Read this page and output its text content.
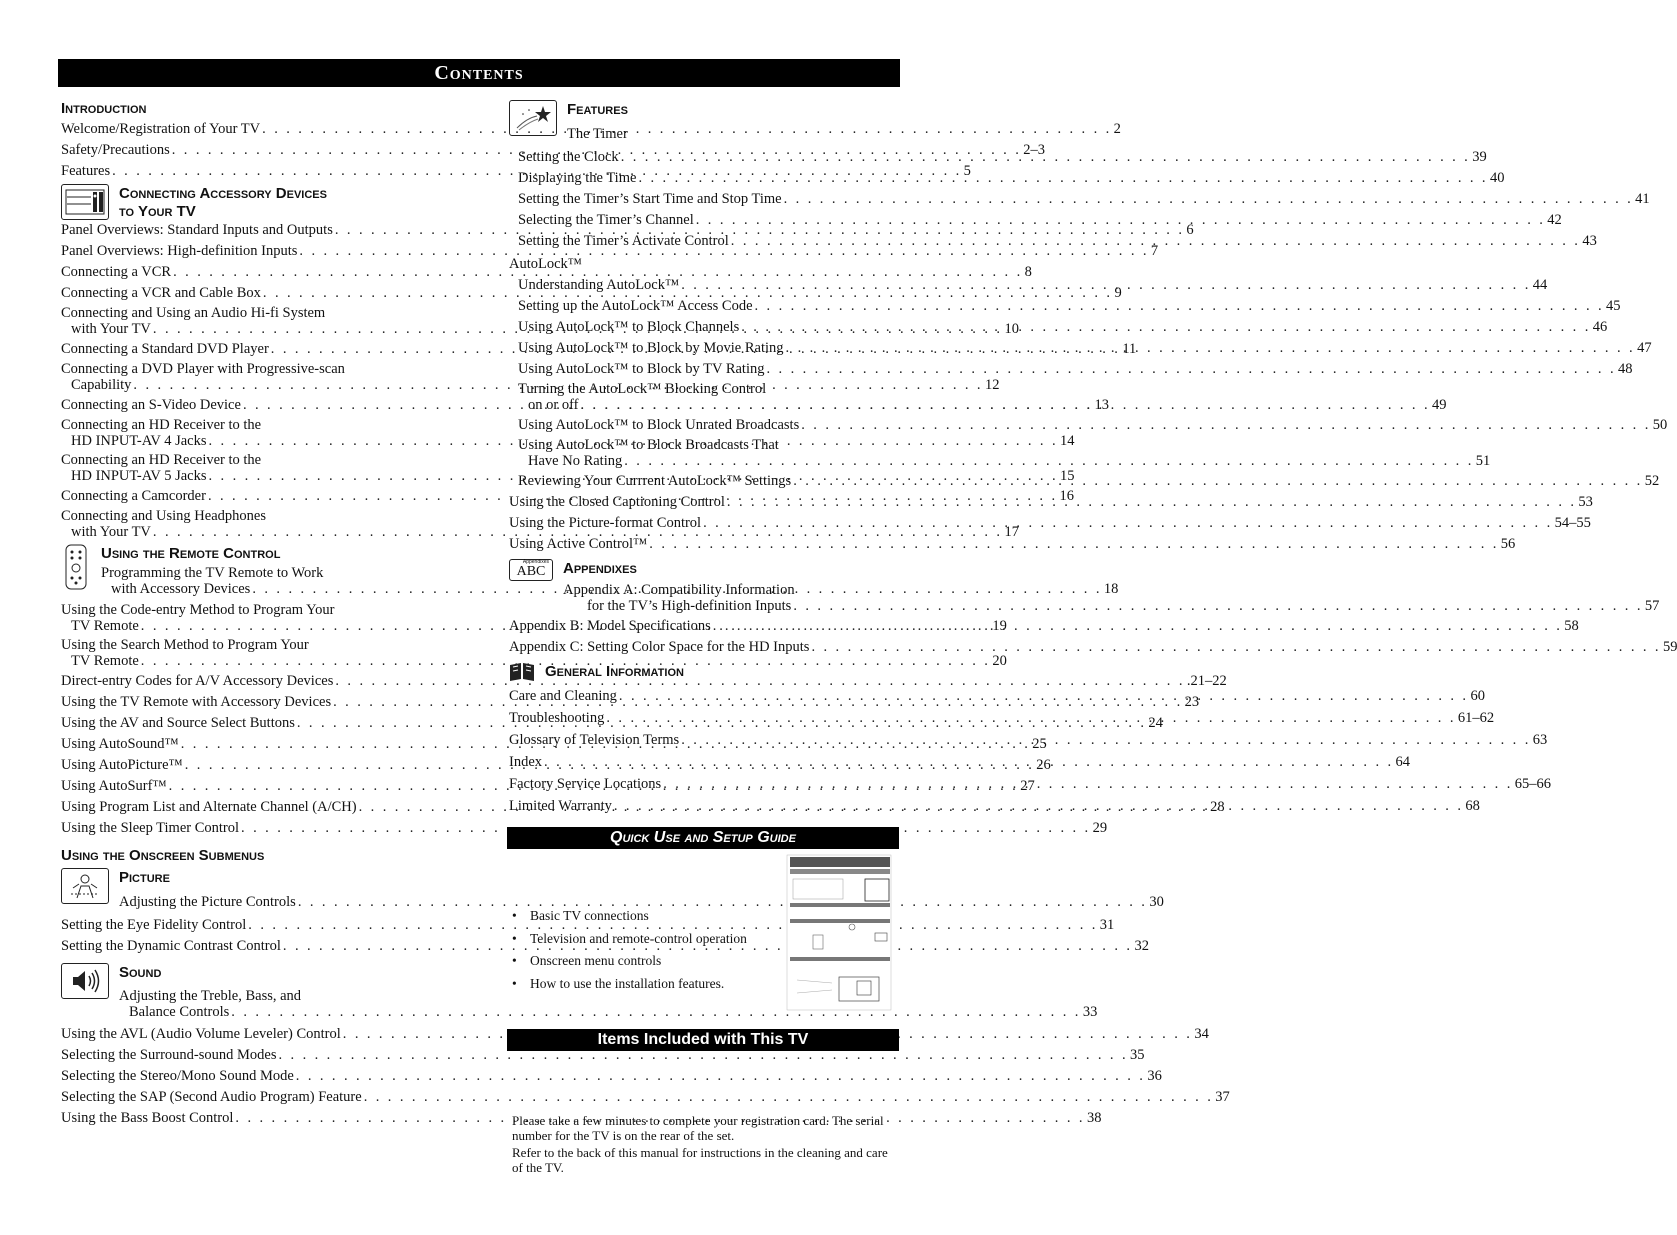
Contents
Introduction
Welcome/Registration of Your TV . . .	2
Safety/Precautions . . .	2–3
Features . . .	5
Connecting Accessory Devices
to Your TV
Panel Overviews: Standard Inputs and Outputs . . .	6
Panel Overviews: High-definition Inputs . . .	7
Connecting a VCR . . .	8
Connecting a VCR and Cable Box . . .	9
Connecting and Using an Audio Hi-fi System
with Your TV . . .	10
Connecting a Standard DVD Player . . .	11
Connecting a DVD Player with Progressive-scan
Capability . . .	12
Connecting an S-Video Device . . .	13
Connecting an HD Receiver to the
HD INPUT-AV 4 Jacks . . .	14
Connecting an HD Receiver to the
HD INPUT-AV 5 Jacks . . .	15
Connecting a Camcorder . . .	16
Connecting and Using Headphones
with Your TV . . .	17
Using the Remote Control
Programming the TV Remote to Work
with Accessory Devices . . .	18
Using the Code-entry Method to Program Your
TV Remote . . .	19
Using the Search Method to Program Your
TV Remote . . .	20
Direct-entry Codes for A/V Accessory Devices . . .	.21–22
Using the TV Remote with Accessory Devices . . .	23
Using the AV and Source Select Buttons . . .	24
Using AutoSound™ . . .	25
Using AutoPicture™ . . .	26
Using AutoSurf™ . . .	27
Using Program List and Alternate Channel (A/CH) . . .	28
Using the Sleep Timer Control . . .	29
Using the Onscreen Submenus
Picture
Adjusting the Picture Controls . . .	30
Setting the Eye Fidelity Control . . .	31
Setting the Dynamic Contrast Control . . .	32
Sound
Adjusting the Treble, Bass, and
Balance Controls . . .	33
Using the AVL (Audio Volume Leveler) Control . . .	34
Selecting the Surround-sound Modes . . .	35
Selecting the Stereo/Mono Sound Mode . . .	36
Selecting the SAP (Second Audio Program) Feature . . .	37
Using the Bass Boost Control . . .	38
Features
The Timer
Setting the Clock . . .	39
Displaying the Time . . .	40
Setting the Timer’s Start Time and Stop Time . . .	41
Selecting the Timer’s Channel . . .	42
Setting the Timer’s Activate Control . . .	43
AutoLock™
Understanding AutoLock™ . . .	44
Setting up the AutoLock™ Access Code . . .	45
Using AutoLock™ to Block Channels . . .	46
Using AutoLock™ to Block by Movie Rating . . .	47
Using AutoLock™ to Block by TV Rating . . .	48
Turning the AutoLock™ Blocking Control
on or off . . .	49
Using AutoLock™ to Block Unrated Broadcasts . . .	50
Using AutoLock™ to Block Broadcasts That
Have No Rating . . .	51
Reviewing Your Currrent AutoLock™ Settings . . .	52
Using the Closed Captioning Control . . .	53
Using the Picture-format Control . . .	54–55
Using Active Control™ . . .	56
Appendixes
ABC Appendixes
Appendix A: Compatibility Information
for the TV’s High-definition Inputs . . .	57
Appendix B: Model Specifications . . .	58
Appendix C: Setting Color Space for the HD Inputs . . .	59
General Information
Care and Cleaning . . .	60
Troubleshooting . . .	61–62
Glossary of Television Terms . . .	63
Index . . .	64
Factory Service Locations . . .	65–66
Limited Warranty . . .	68
Quick Use and Setup Guide
• Basic TV connections
• Television and remote-control operation
• Onscreen menu controls
• How to use the installation features.
Items Included with This TV

Please take a few minutes to complete your registration card. The serial number for the TV is on the rear of the set.

Refer to the back of this manual for instructions in the cleaning and care of the TV.
